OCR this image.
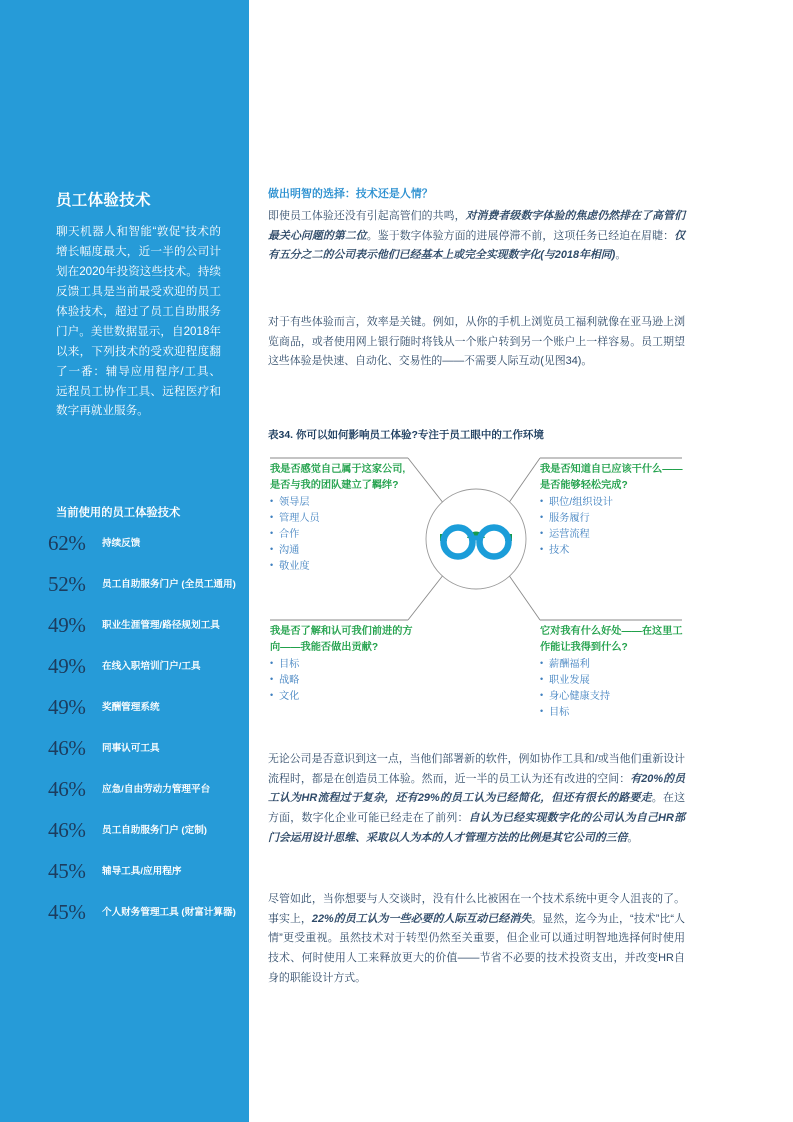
员工体验技术
聊天机器人和智能“敦促”技术的增长幅度最大，近一半的公司计划在2020年投资这些技术。持续反馈工具是当前最受欢迎的员工体验技术，超过了员工自助服务门户。美世数据显示，自2018年以来，下列技术的受欢迎程度翻了一番：辅导应用程序/工具、远程员工协作工具、远程医疗和数字再就业服务。
当前使用的员工体验技术
62%	持续反馈
52%	员工自助服务门户 (全员工通用)
49%	职业生涯管理/路径规划工具
49%	在线入职培训门户/工具
49%	奖酬管理系统
46%	同事认可工具
46%	应急/自由劳动力管理平台
46%	员工自助服务门户 (定制)
45%	辅导工具/应用程序
45%	个人财务管理工具 (财富计算器)
做出明智的选择：技术还是人情？

即使员工体验还没有引起高管们的共鸣，对消费者级数字体验的焦虑仍然排在了高管们最关心问题的第二位。鉴于数字体验方面的进展停滞不前，这项任务已经迫在眉睫：仅有五分之二的公司表示他们已经基本上或完全实现数字化(与2018年相同)。

对于有些体验而言，效率是关键。例如，从你的手机上浏览员工福利就像在亚马逊上浏览商品，或者使用网上银行随时将钱从一个账户转到另一个账户上一样容易。员工期望这些体验是快速、自动化、交易性的——不需要人际互动(见图34)。

表34. 你可以如何影响员工体验?专注于员工眼中的工作环境
我是否感觉自己属于这家公司, 是否与我的团队建立了羁绊?
• 领导层
• 管理人员
• 合作
• 沟通
• 敬业度
我是否知道自已应该干什么——是否能够轻松完成?
• 职位/组织设计
• 服务履行
• 运营流程
• 技术
我是否了解和认可我们前进的方向——我能否做出贡献?
• 目标
• 战略
• 文化
它对我有什么好处——在这里工作能让我得到什么?
• 薪酬福利
• 职业发展
• 身心健康支持
• 目标

无论公司是否意识到这一点，当他们部署新的软件，例如协作工具和/或当他们重新设计流程时，都是在创造员工体验。然而，近一半的员工认为还有改进的空间：有20%的员工认为HR流程过于复杂，还有29%的员工认为已经简化，但还有很长的路要走。在这方面，数字化企业可能已经走在了前列：自认为已经实现数字化的公司认为自己HR部门会运用设计思维、采取以人为本的人才管理方法的比例是其它公司的三倍。

尽管如此，当你想要与人交谈时，没有什么比被困在一个技术系统中更令人沮丧的了。事实上，22%的员工认为一些必要的人际互动已经消失。显然，迄今为止，“技术”比“人情”更受重视。虽然技术对于转型仍然至关重要，但企业可以通过明智地选择何时使用技术、何时使用人工来释放更大的价值——节省不必要的技术投资支出，并改变HR自身的职能设计方式。
